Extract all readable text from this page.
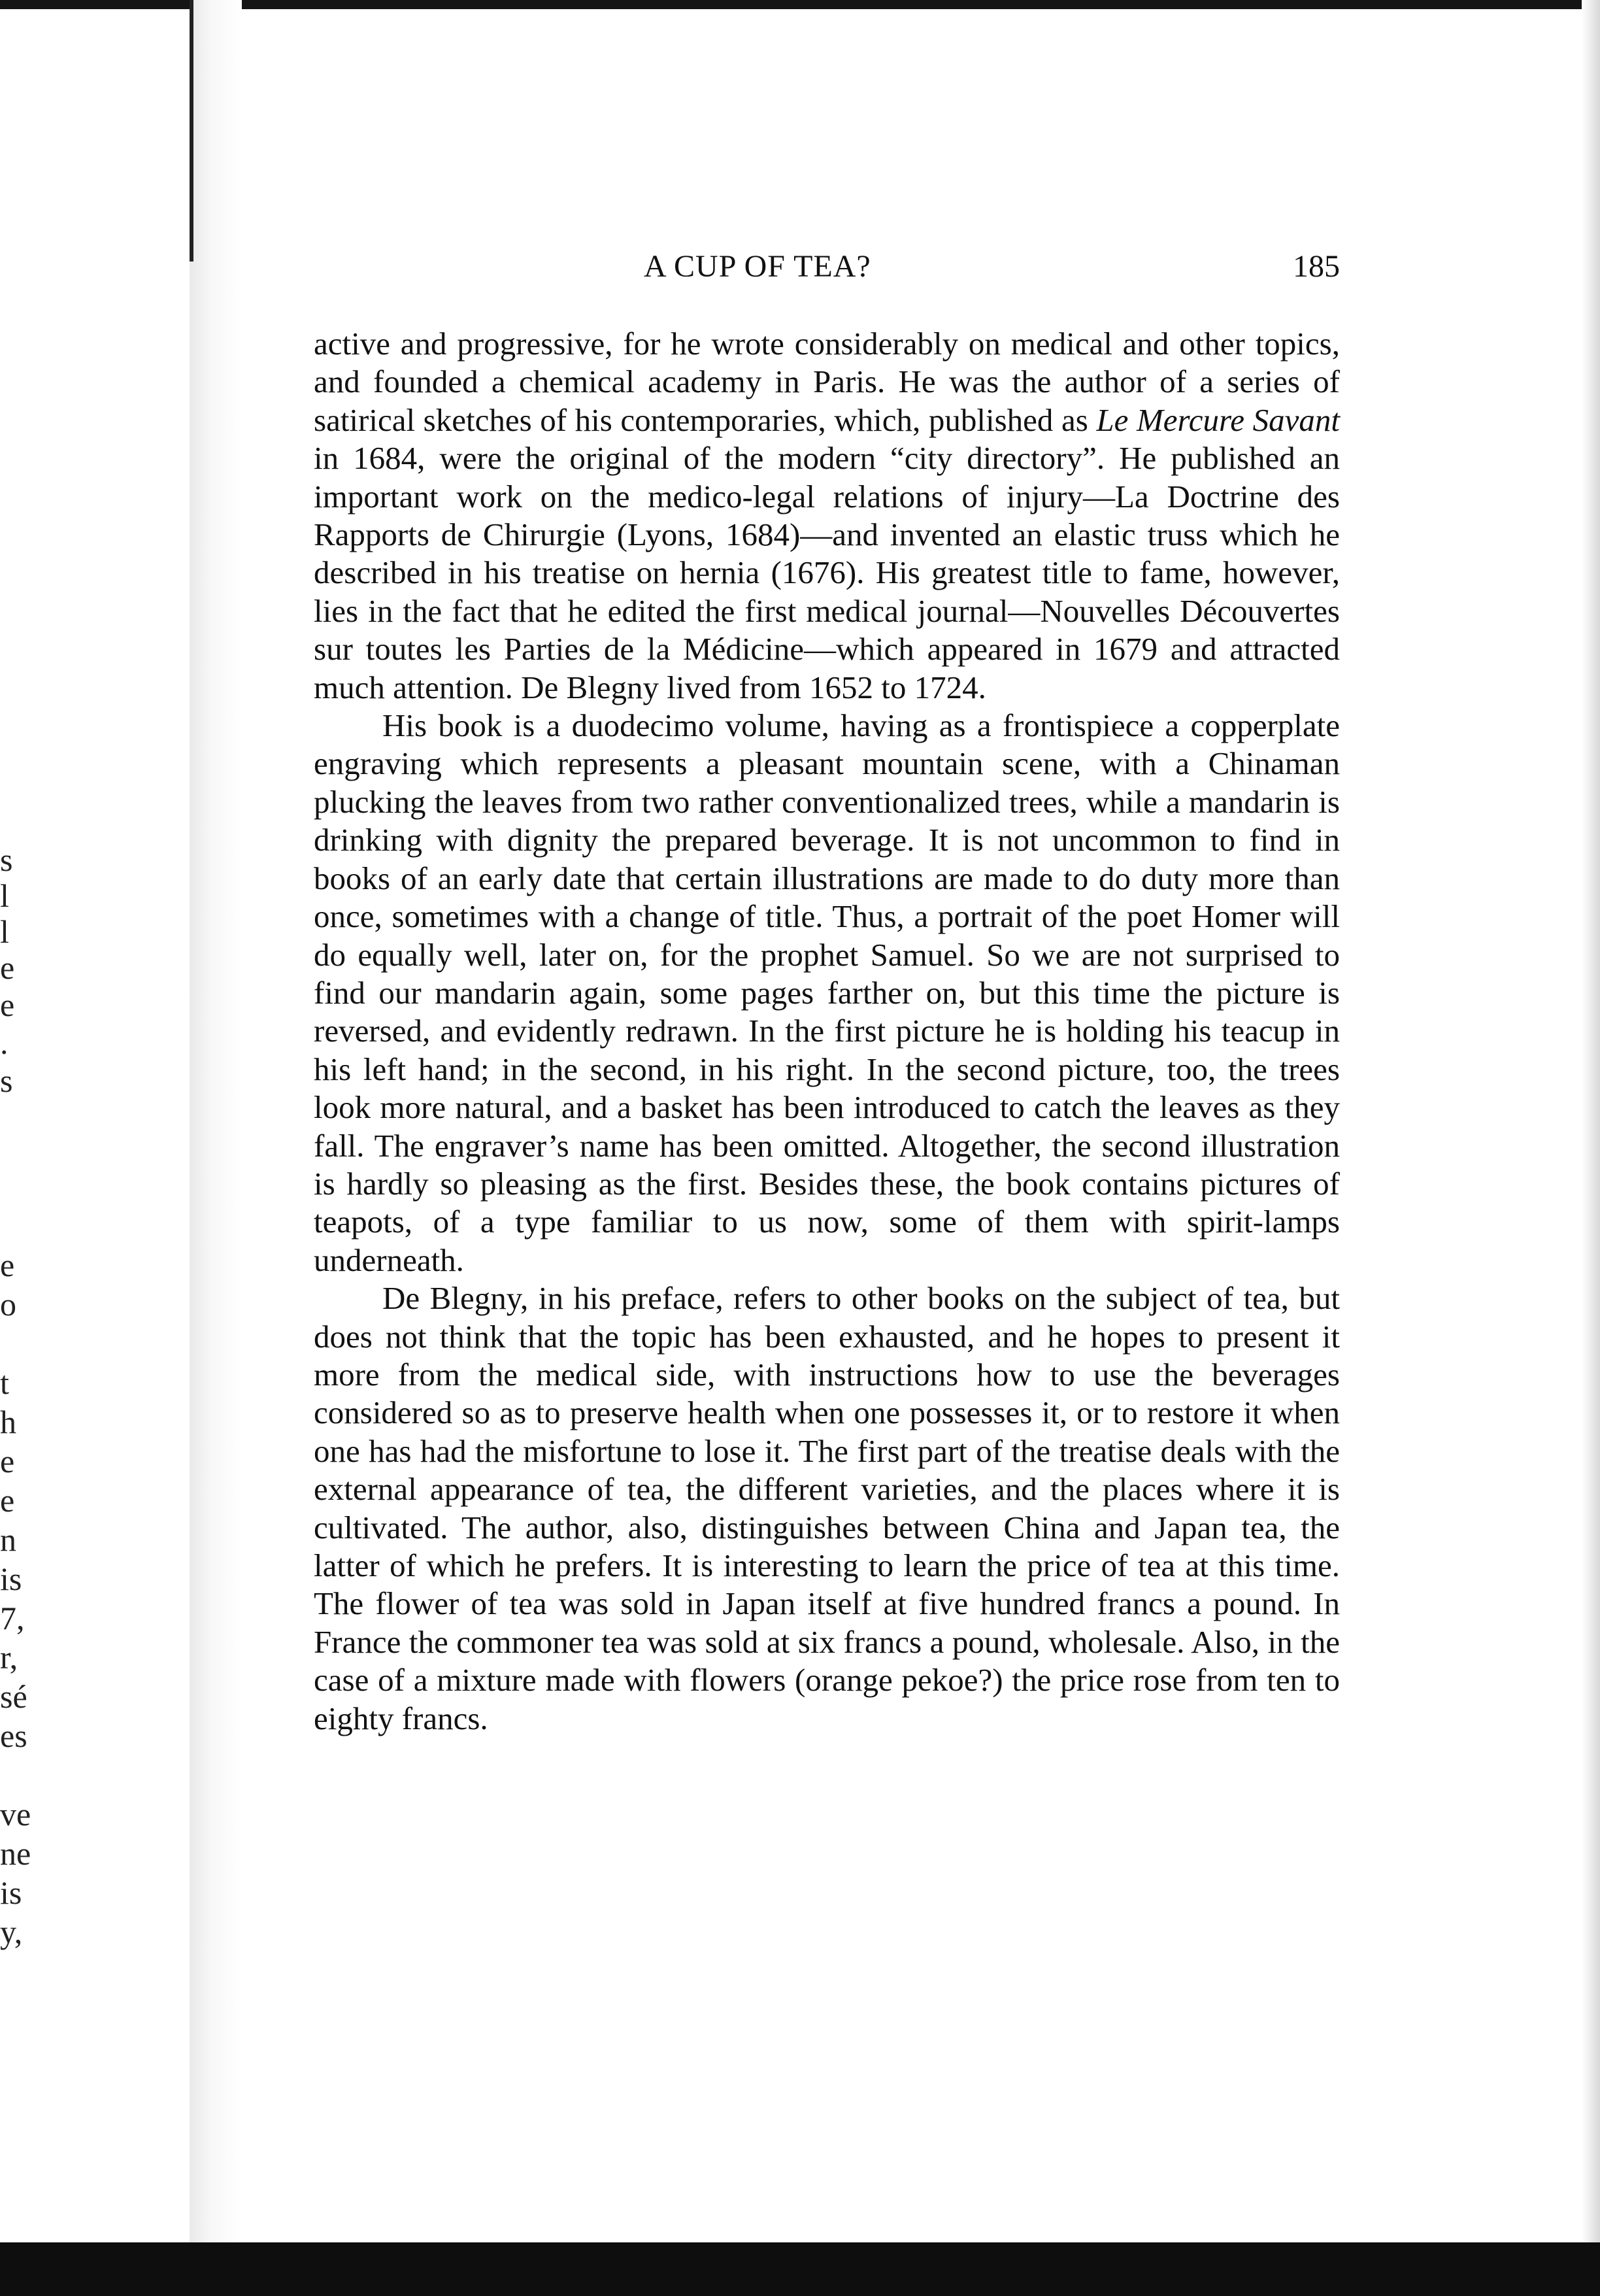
s
l
l
e
e
.
s
e
o
t
h
e
e
n
is
7,
r,
sé
es
ve
ne
is
y,
A CUP OF TEA?	185

active and progressive, for he wrote considerably on medical and other topics, and founded a chemical academy in Paris. He was the author of a series of satirical sketches of his contemporaries, which, published as Le Mercure Savant in 1684, were the original of the modern “city directory”. He published an important work on the medico-legal relations of injury—La Doctrine des Rapports de Chirurgie (Lyons, 1684)—and invented an elastic truss which he described in his treatise on hernia (1676). His greatest title to fame, however, lies in the fact that he edited the first medical journal—Nouvelles Découvertes sur toutes les Parties de la Médicine—which appeared in 1679 and attracted much attention. De Blegny lived from 1652 to 1724.

His book is a duodecimo volume, having as a frontispiece a copperplate engraving which represents a pleasant mountain scene, with a Chinaman plucking the leaves from two rather conventionalized trees, while a mandarin is drinking with dignity the prepared beverage. It is not uncommon to find in books of an early date that certain illustrations are made to do duty more than once, sometimes with a change of title. Thus, a portrait of the poet Homer will do equally well, later on, for the prophet Samuel. So we are not surprised to find our mandarin again, some pages farther on, but this time the picture is reversed, and evidently redrawn. In the first picture he is holding his teacup in his left hand; in the second, in his right. In the second picture, too, the trees look more natural, and a basket has been introduced to catch the leaves as they fall. The engraver’s name has been omitted. Altogether, the second illustration is hardly so pleasing as the first. Besides these, the book contains pictures of teapots, of a type familiar to us now, some of them with spirit-lamps underneath.

De Blegny, in his preface, refers to other books on the subject of tea, but does not think that the topic has been exhausted, and he hopes to present it more from the medical side, with instructions how to use the beverages considered so as to preserve health when one possesses it, or to restore it when one has had the misfortune to lose it. The first part of the treatise deals with the external appearance of tea, the different varieties, and the places where it is cultivated. The author, also, distinguishes between China and Japan tea, the latter of which he prefers. It is interesting to learn the price of tea at this time. The flower of tea was sold in Japan itself at five hundred francs a pound. In France the commoner tea was sold at six francs a pound, wholesale. Also, in the case of a mixture made with flowers (orange pekoe?) the price rose from ten to eighty francs.
